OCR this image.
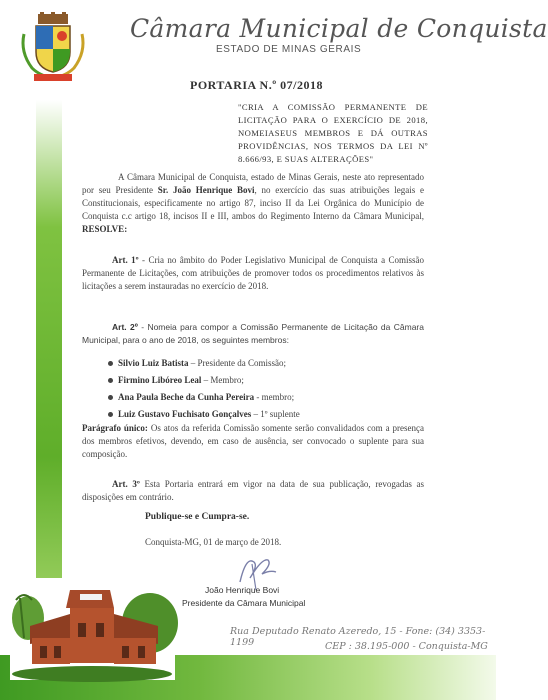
Câmara Municipal de Conquista
ESTADO DE MINAS GERAIS
PORTARIA N.º 07/2018
"CRIA A COMISSÃO PERMANENTE DE LICITAÇÃO PARA O EXERCÍCIO DE 2018, NOMEIASEUS MEMBROS E DÁ OUTRAS PROVIDÊNCIAS, NOS TERMOS DA LEI Nº 8.666/93, E SUAS ALTERAÇÕES"
A Câmara Municipal de Conquista, estado de Minas Gerais, neste ato representado por seu Presidente Sr. João Henrique Bovi, no exercício das suas atribuições legais e Constitucionais, especificamente no artigo 87, inciso II da Lei Orgânica do Município de Conquista c.c artigo 18, incisos II e III, ambos do Regimento Interno da Câmara Municipal, RESOLVE:
Art. 1º - Cria no âmbito do Poder Legislativo Municipal de Conquista a Comissão Permanente de Licitações, com atribuições de promover todos os procedimentos relativos às licitações a serem instauradas no exercício de 2018.
Art. 2º - Nomeia para compor a Comissão Permanente de Licitação da Câmara Municipal, para o ano de 2018, os seguintes membros:
Silvio Luiz Batista – Presidente da Comissão;
Firmino Libóreo Leal – Membro;
Ana Paula Beche da Cunha Pereira - membro;
Luiz Gustavo Fuchisato Gonçalves – 1º suplente
Parágrafo único: Os atos da referida Comissão somente serão convalidados com a presença dos membros efetivos, devendo, em caso de ausência, ser convocado o suplente para sua composição.
Art. 3º Esta Portaria entrará em vigor na data de sua publicação, revogadas as disposições em contrário.
Publique-se e Cumpra-se.
Conquista-MG, 01 de março de 2018.
João Henrique Bovi
Presidente da Câmara Municipal
Rua Deputado Renato Azeredo, 15 - Fone: (34) 3353-1199	CEP : 38.195-000 - Conquista-MG
